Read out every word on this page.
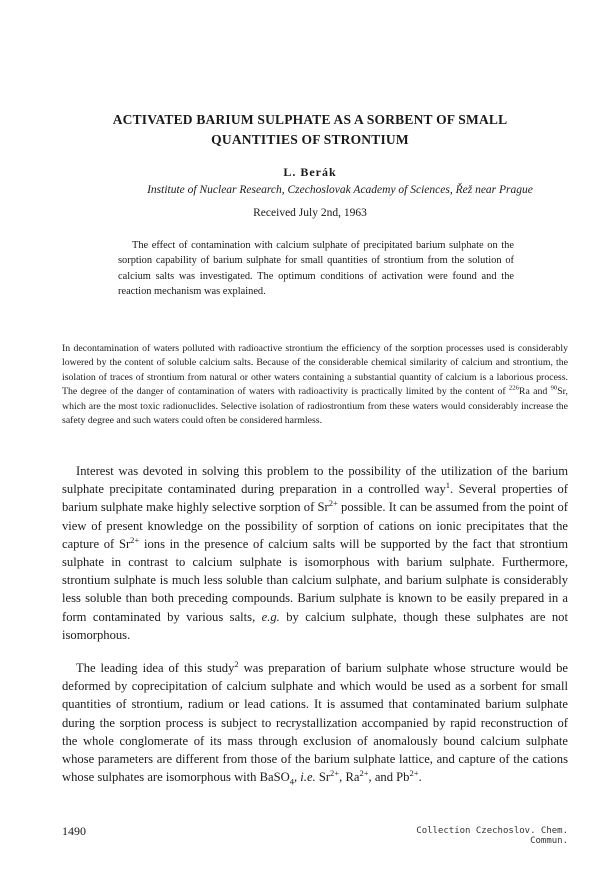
ACTIVATED BARIUM SULPHATE AS A SORBENT OF SMALL
QUANTITIES OF STRONTIUM
L. Berák
Institute of Nuclear Research, Czechoslovak Academy of Sciences, Řež near Prague
Received July 2nd, 1963
The effect of contamination with calcium sulphate of precipitated barium sulphate on the sorption capability of barium sulphate for small quantities of strontium from the solution of calcium salts was investigated. The optimum conditions of activation were found and the reaction mechanism was explained.
In decontamination of waters polluted with radioactive strontium the efficiency of the sorption processes used is considerably lowered by the content of soluble calcium salts. Because of the considerable chemical similarity of calcium and strontium, the isolation of traces of strontium from natural or other waters containing a substantial quantity of calcium is a laborious process. The degree of the danger of contamination of waters with radioactivity is practically limited by the content of $^{226}$Ra and $^{90}$Sr, which are the most toxic radionuclides. Selective isolation of radiostrontium from these waters would considerably increase the safety degree and such waters could often be considered harmless.
Interest was devoted in solving this problem to the possibility of the utilization of the barium sulphate precipitate contaminated during preparation in a controlled way$^1$. Several properties of barium sulphate make highly selective sorption of $Sr^{2+}$ possible. It can be assumed from the point of view of present knowledge on the possibility of sorption of cations on ionic precipitates that the capture of $Sr^{2+}$ ions in the presence of calcium salts will be supported by the fact that strontium sulphate in contrast to calcium sulphate is isomorphous with barium sulphate. Furthermore, strontium sulphate is much less soluble than calcium sulphate, and barium sulphate is considerably less soluble than both preceding compounds. Barium sulphate is known to be easily prepared in a form contaminated by various salts, e.g. by calcium sulphate, though these sulphates are not isomorphous.
The leading idea of this study$^2$ was preparation of barium sulphate whose structure would be deformed by coprecipitation of calcium sulphate and which would be used as a sorbent for small quantities of strontium, radium or lead cations. It is assumed that contaminated barium sulphate during the sorption process is subject to recrystallization accompanied by rapid reconstruction of the whole conglomerate of its mass through exclusion of anomalously bound calcium sulphate whose parameters are different from those of the barium sulphate lattice, and capture of the cations whose sulphates are isomorphous with BaSO$_4$, i.e. $Sr^{2+}$, $Ra^{2+}$, and $Pb^{2+}$.
1490	Collection Czechoslov. Chem. Commun.
